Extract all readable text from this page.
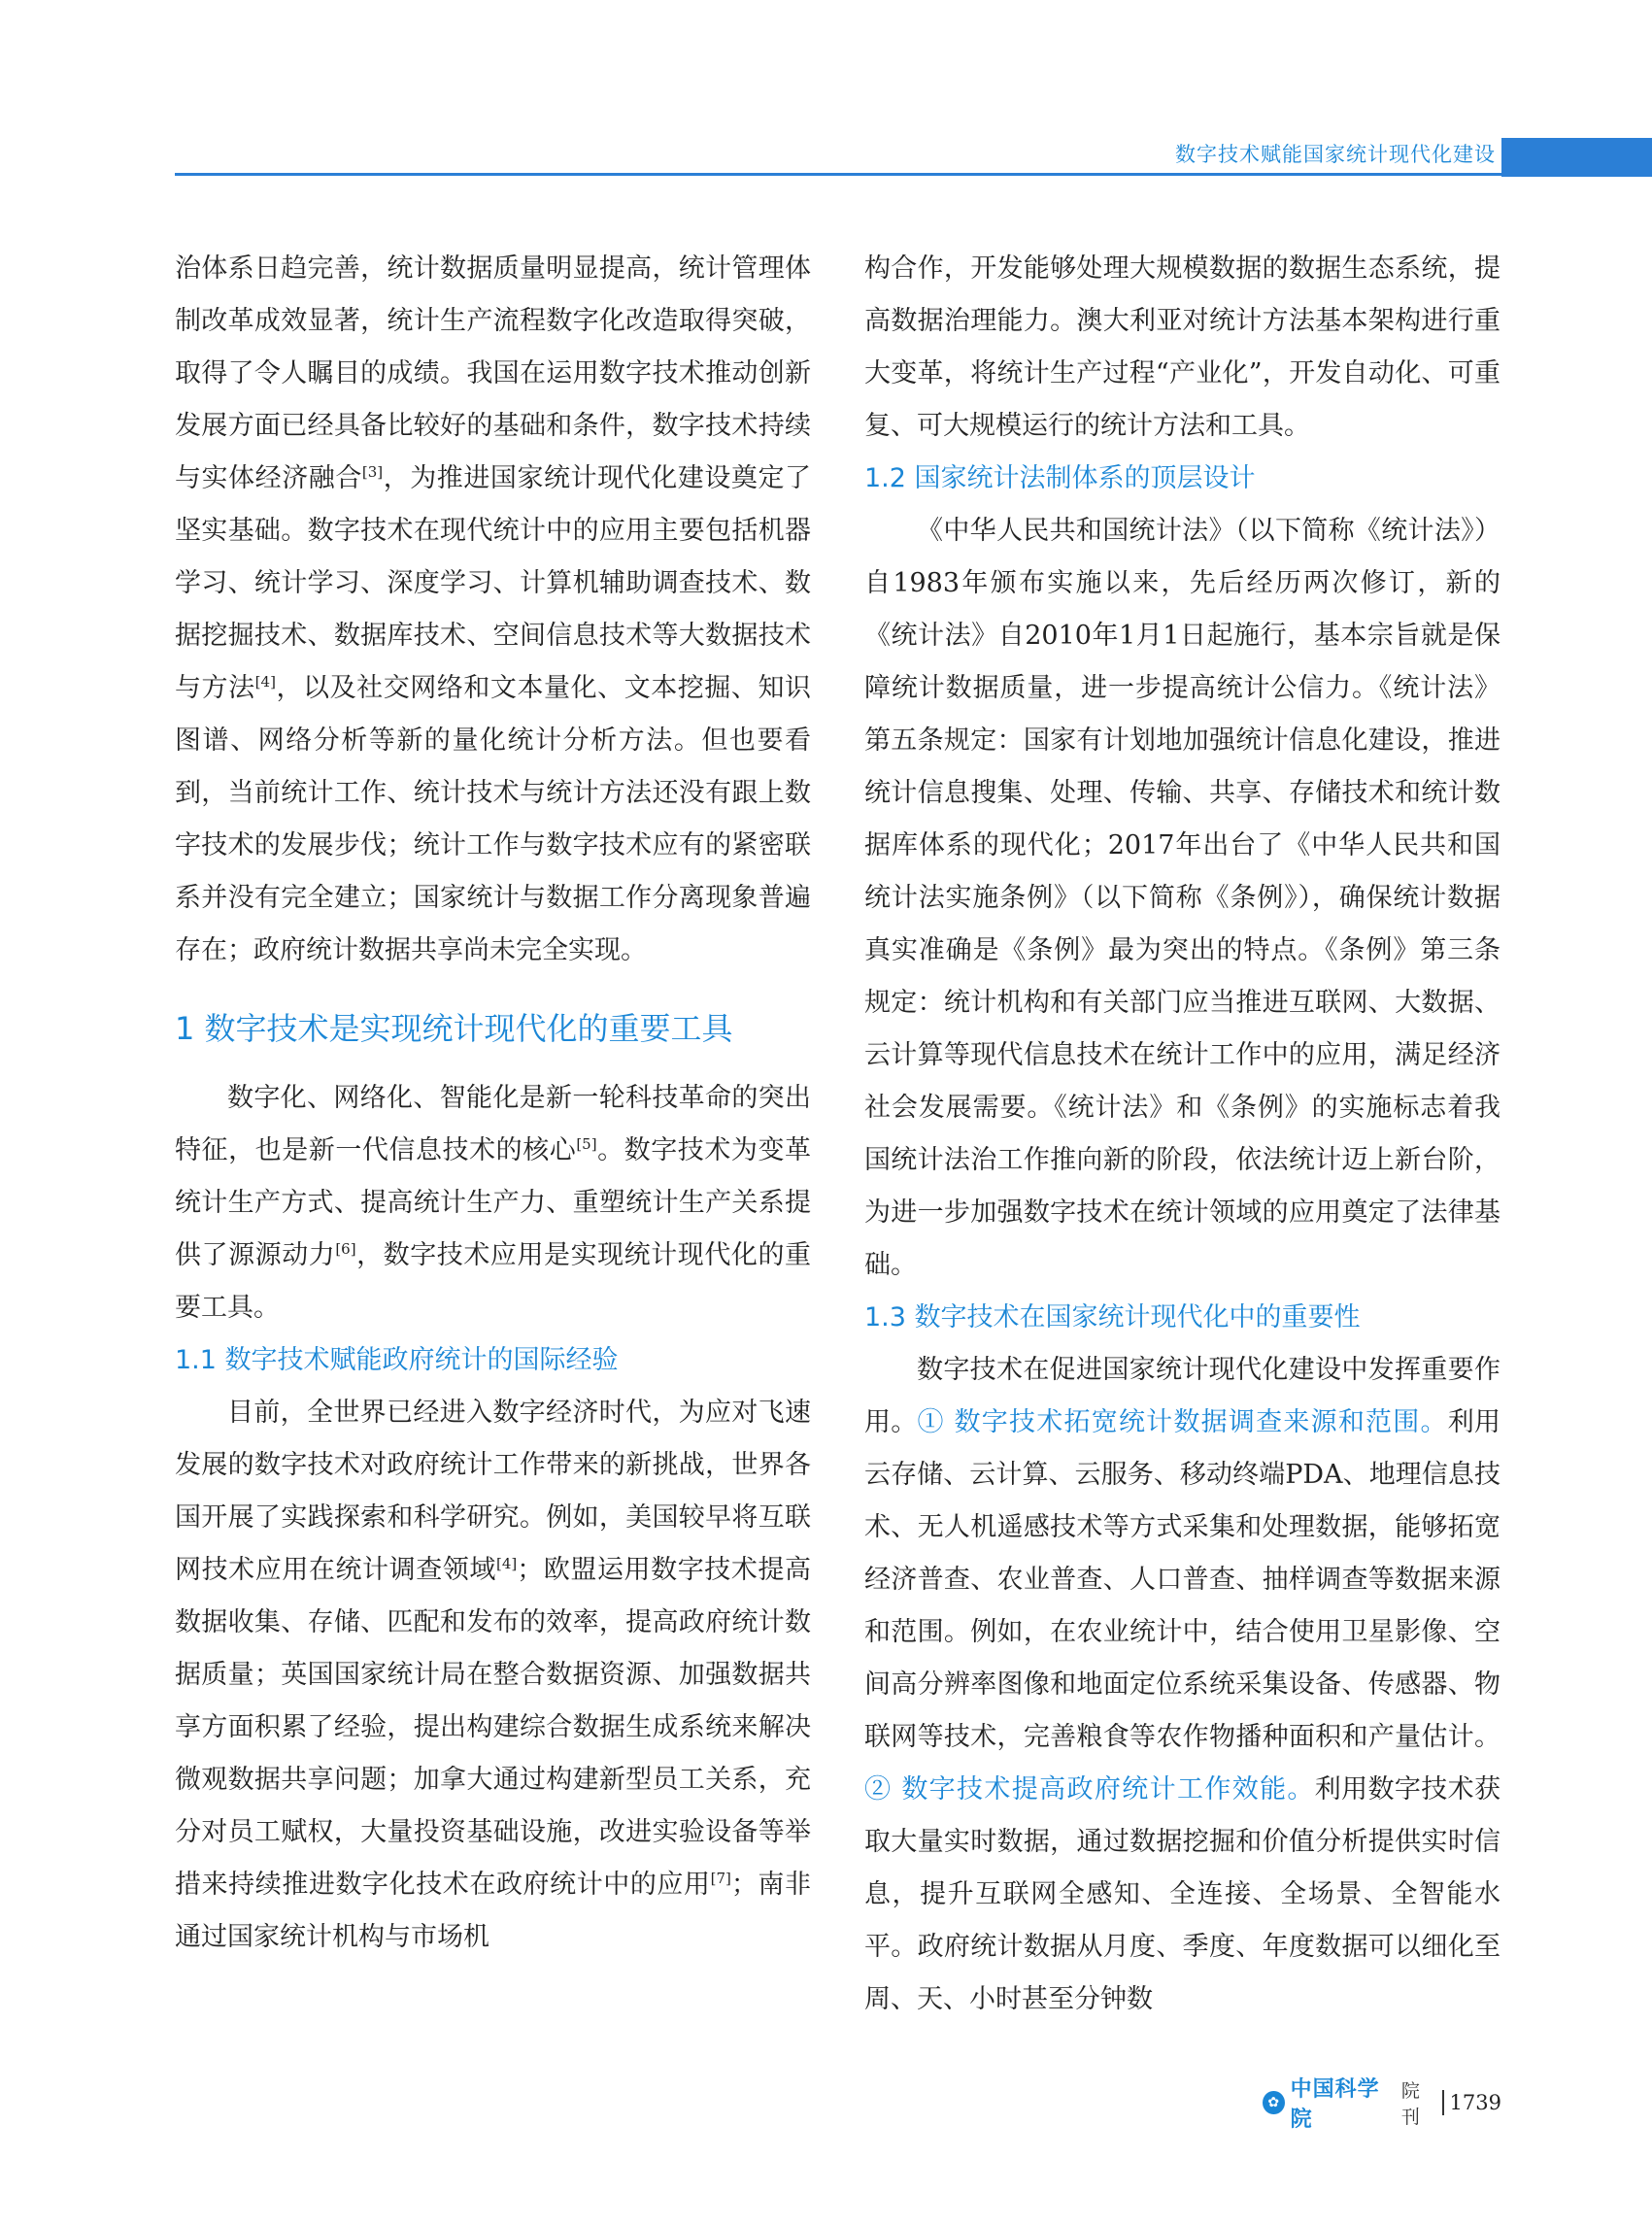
数字技术赋能国家统计现代化建设

治体系日趋完善，统计数据质量明显提高，统计管理体制改革成效显著，统计生产流程数字化改造取得突破，取得了令人瞩目的成绩。我国在运用数字技术推动创新发展方面已经具备比较好的基础和条件，数字技术持续与实体经济融合[3]，为推进国家统计现代化建设奠定了坚实基础。数字技术在现代统计中的应用主要包括机器学习、统计学习、深度学习、计算机辅助调查技术、数据挖掘技术、数据库技术、空间信息技术等大数据技术与方法[4]，以及社交网络和文本量化、文本挖掘、知识图谱、网络分析等新的量化统计分析方法。但也要看到，当前统计工作、统计技术与统计方法还没有跟上数字技术的发展步伐；统计工作与数字技术应有的紧密联系并没有完全建立；国家统计与数据工作分离现象普遍存在；政府统计数据共享尚未完全实现。

1 数字技术是实现统计现代化的重要工具

数字化、网络化、智能化是新一轮科技革命的突出特征，也是新一代信息技术的核心[5]。数字技术为变革统计生产方式、提高统计生产力、重塑统计生产关系提供了源源动力[6]，数字技术应用是实现统计现代化的重要工具。

1.1 数字技术赋能政府统计的国际经验

目前，全世界已经进入数字经济时代，为应对飞速发展的数字技术对政府统计工作带来的新挑战，世界各国开展了实践探索和科学研究。例如，美国较早将互联网技术应用在统计调查领域[4]；欧盟运用数字技术提高数据收集、存储、匹配和发布的效率，提高政府统计数据质量；英国国家统计局在整合数据资源、加强数据共享方面积累了经验，提出构建综合数据生成系统来解决微观数据共享问题；加拿大通过构建新型员工关系，充分对员工赋权，大量投资基础设施，改进实验设备等举措来持续推进数字化技术在政府统计中的应用[7]；南非通过国家统计机构与市场机

构合作，开发能够处理大规模数据的数据生态系统，提高数据治理能力。澳大利亚对统计方法基本架构进行重大变革，将统计生产过程“产业化”，开发自动化、可重复、可大规模运行的统计方法和工具。

1.2 国家统计法制体系的顶层设计

《中华人民共和国统计法》（以下简称《统计法》）自1983年颁布实施以来，先后经历两次修订，新的《统计法》自2010年1月1日起施行，基本宗旨就是保障统计数据质量，进一步提高统计公信力。《统计法》第五条规定：国家有计划地加强统计信息化建设，推进统计信息搜集、处理、传输、共享、存储技术和统计数据库体系的现代化；2017年出台了《中华人民共和国统计法实施条例》（以下简称《条例》），确保统计数据真实准确是《条例》最为突出的特点。《条例》第三条规定：统计机构和有关部门应当推进互联网、大数据、云计算等现代信息技术在统计工作中的应用，满足经济社会发展需要。《统计法》和《条例》的实施标志着我国统计法治工作推向新的阶段，依法统计迈上新台阶，为进一步加强数字技术在统计领域的应用奠定了法律基础。

1.3 数字技术在国家统计现代化中的重要性

数字技术在促进国家统计现代化建设中发挥重要作用。① 数字技术拓宽统计数据调查来源和范围。利用云存储、云计算、云服务、移动终端PDA、地理信息技术、无人机遥感技术等方式采集和处理数据，能够拓宽经济普查、农业普查、人口普查、抽样调查等数据来源和范围。例如，在农业统计中，结合使用卫星影像、空间高分辨率图像和地面定位系统采集设备、传感器、物联网等技术，完善粮食等农作物播种面积和产量估计。② 数字技术提高政府统计工作效能。利用数字技术获取大量实时数据，通过数据挖掘和价值分析提供实时信息，提升互联网全感知、全连接、全场景、全智能水平。政府统计数据从月度、季度、年度数据可以细化至周、天、小时甚至分钟数

✿
中国科学院
院刊
1739
